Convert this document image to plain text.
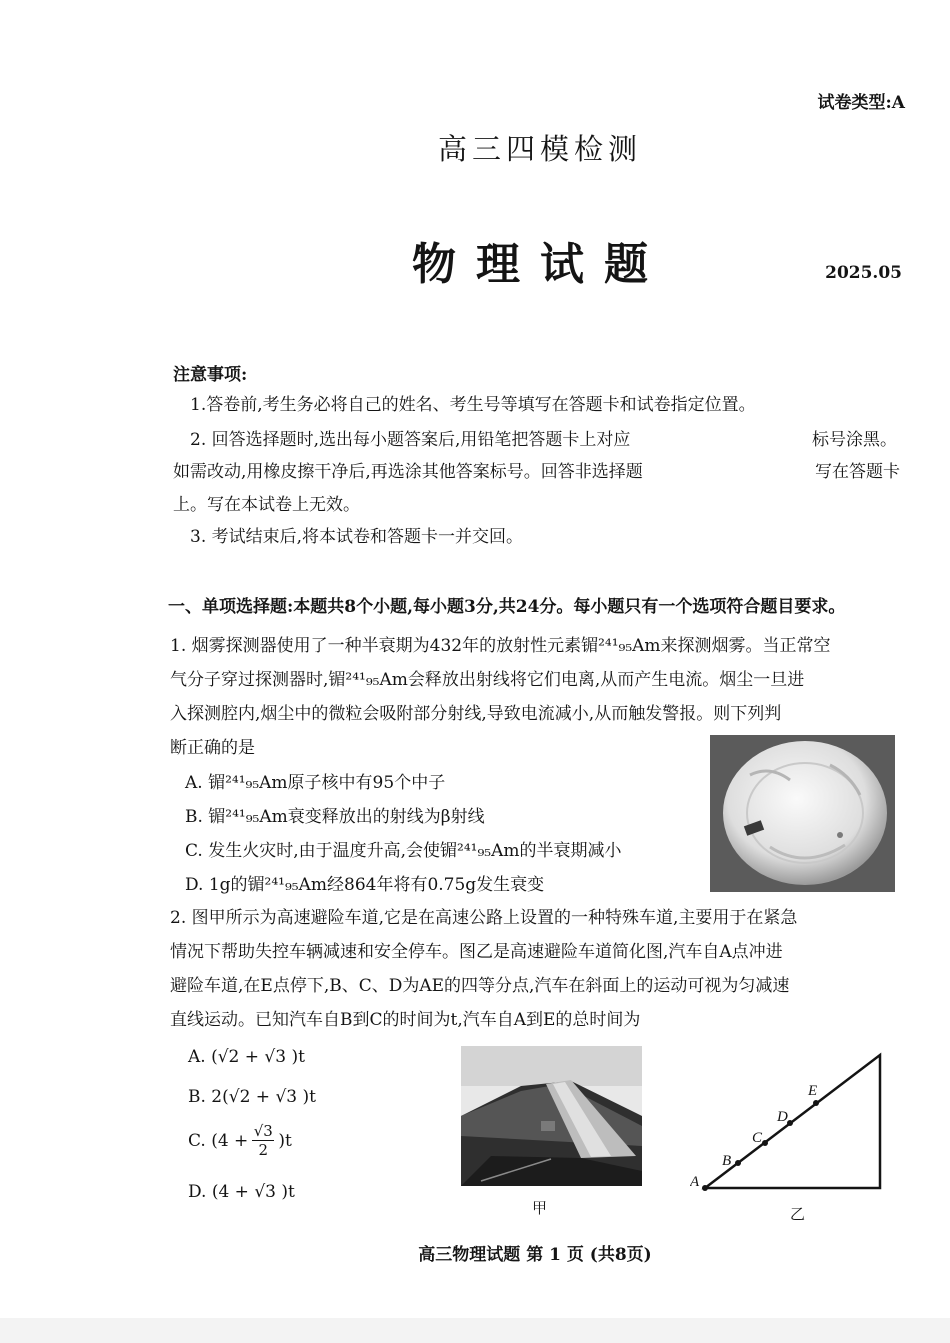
试卷类型:A
高三四模检测
物理试题	2025.05
注意事项:
1.答卷前,考生务必将自己的姓名、考生号等填写在答题卡和试卷指定位置。
2. 回答选择题时,选出每小题答案后,用铅笔把答题卡上对应
如需改动,用橡皮擦干净后,再选涂其他答案标号。回答非选择题
上。写在本试卷上无效。
标号涂黑。
写在答题卡
3. 考试结束后,将本试卷和答题卡一并交回。
一、单项选择题:本题共8个小题,每小题3分,共24分。每小题只有一个选项符合题目要求。

1. 烟雾探测器使用了一种半衰期为432年的放射性元素镅²⁴¹₉₅Am来探测烟雾。当正常空

气分子穿过探测器时,镅²⁴¹₉₅Am会释放出射线将它们电离,从而产生电流。烟尘一旦进

入探测腔内,烟尘中的微粒会吸附部分射线,导致电流减小,从而触发警报。则下列判

断正确的是

A. 镅²⁴¹₉₅Am原子核中有95个中子
B. 镅²⁴¹₉₅Am衰变释放出的射线为β射线
C. 发生火灾时,由于温度升高,会使镅²⁴¹₉₅Am的半衰期减小
D. 1g的镅²⁴¹₉₅Am经864年将有0.75g发生衰变

2. 图甲所示为高速避险车道,它是在高速公路上设置的一种特殊车道,主要用于在紧急

情况下帮助失控车辆减速和安全停车。图乙是高速避险车道简化图,汽车自A点冲进

避险车道,在E点停下,B、C、D为AE的四等分点,汽车在斜面上的运动可视为匀减速

直线运动。已知汽车自B到C的时间为t,汽车自A到E的总时间为

A. (√2 + √3 )t
B. 2(√2 + √3 )t
C. $(4 + \frac{√3}{2} )t$
D. (4 + √3 )t
甲
A
B
C
D
E
乙
高三物理试题 第 1 页 (共8页)
